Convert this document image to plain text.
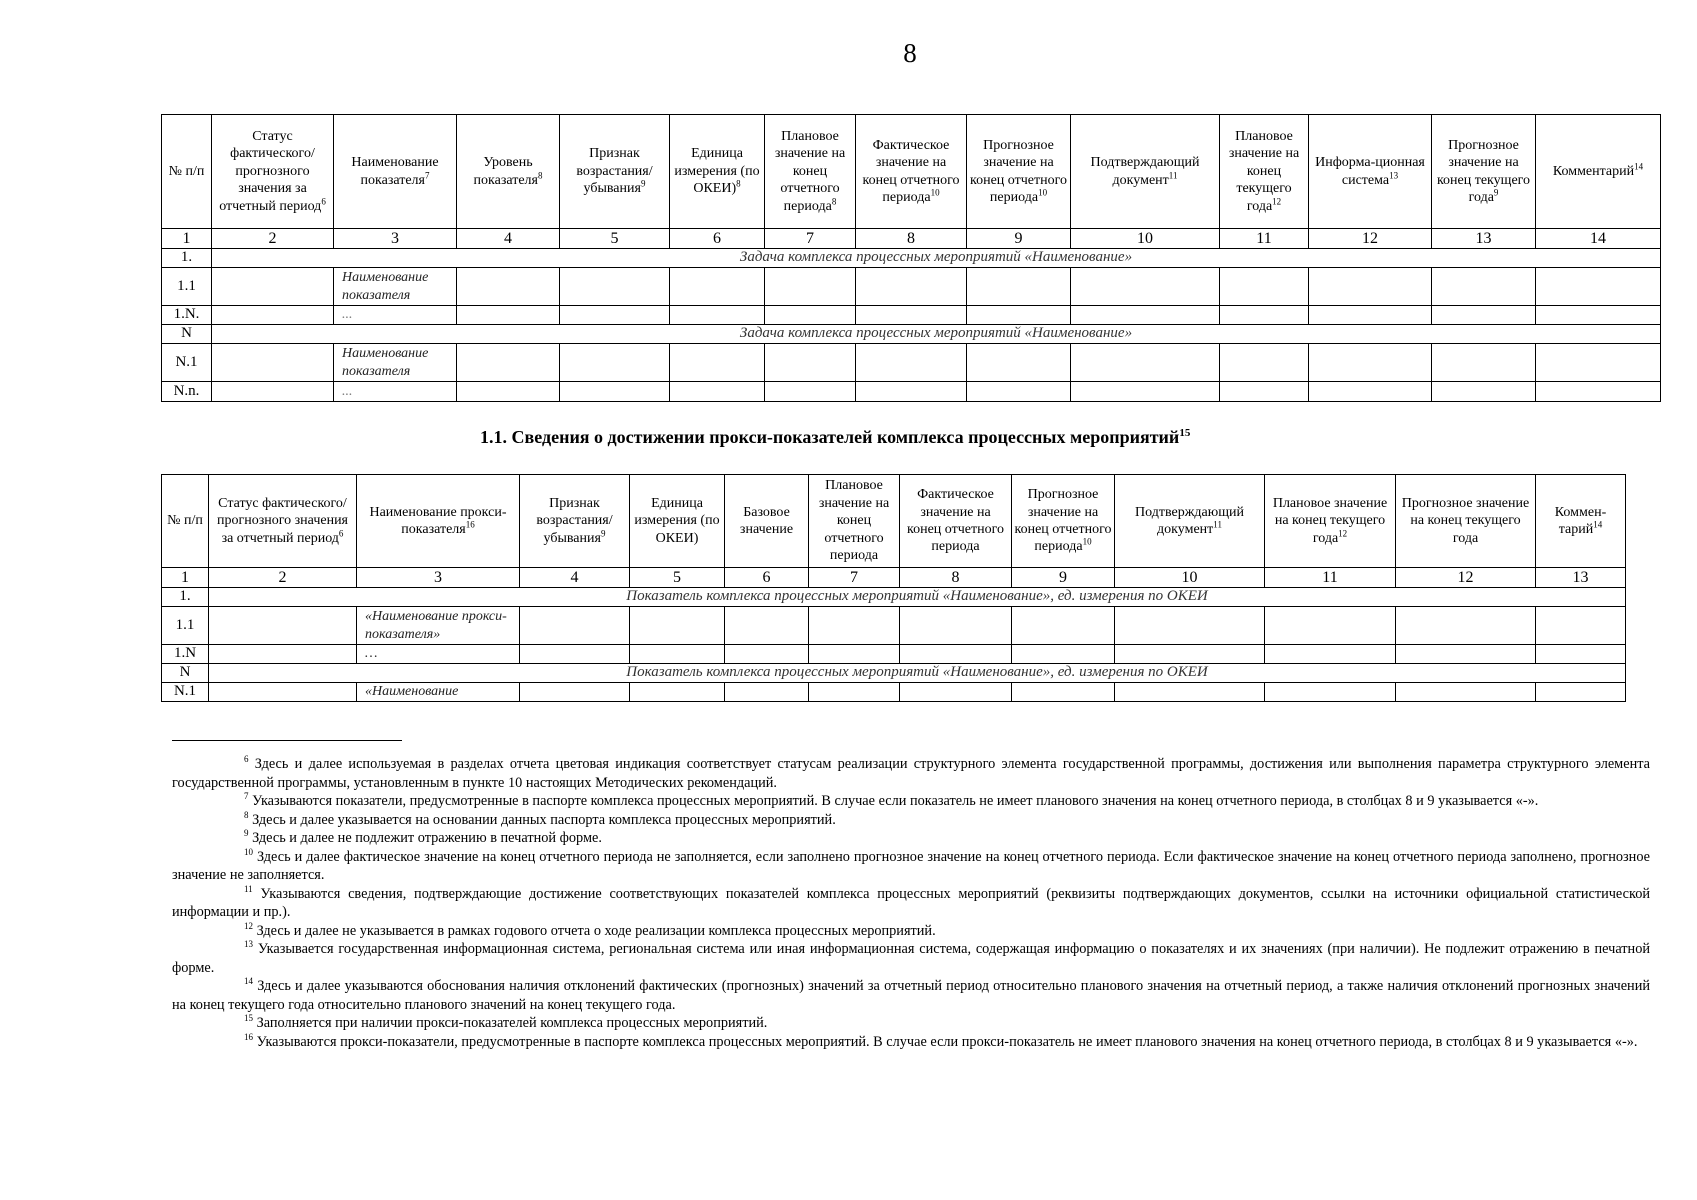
8
№ п/п	Статус фактического/ прогнозного значения за отчетный период$^6$	Наименование показателя$^7$	Уровень показателя$^8$	Признак возрастания/ убывания$^9$	Единица измерения (по ОКЕИ)$^8$	Плановое значение на конец отчетного периода$^8$	Фактическое значение на конец отчетного периода$^{10}$	Прогнозное значение на конец отчетного периода$^{10}$	Подтверждающий документ$^{11}$	Плановое значение на конец текущего года$^{12}$	Информа-ционная система$^{13}$	Прогнозное значение на конец текущего года$^9$	Комментарий$^{14}$
1	2	3	4	5	6	7	8	9	10	11	12	13	14
1.	Задача комплекса процессных мероприятий «Наименование»												
1.1		Наименование показателя											
1.N.		...											
N	Задача комплекса процессных мероприятий «Наименование»												
N.1		Наименование показателя											
N.n.		...											
1.1. Сведения о достижении прокси-показателей комплекса процессных мероприятий$^{15}$
№ п/п	Статус фактического/ прогнозного значения за отчетный период$^6$	Наименование прокси-показателя$^{16}$	Признак возрастания/ убывания$^9$	Единица измерения (по ОКЕИ)	Базовое значение	Плановое значение на конец отчетного периода	Фактическое значение на конец отчетного периода	Прогнозное значение на конец отчетного периода$^{10}$	Подтверждающий документ$^{11}$	Плановое значение на конец текущего года$^{12}$	Прогнозное значение на конец текущего года	Коммен-тарий$^{14}$
1	2	3	4	5	6	7	8	9	10	11	12	13
1.	Показатель комплекса процессных мероприятий «Наименование», ед. измерения по ОКЕИ											
1.1		«Наименование прокси-показателя»										
1.N		…										
N	Показатель комплекса процессных мероприятий «Наименование», ед. измерения по ОКЕИ											
N.1		«Наименование										

$^6$ Здесь и далее используемая в разделах отчета цветовая индикация соответствует статусам реализации структурного элемента государственной программы, достижения или выполнения параметра структурного элемента государственной программы, установленным в пункте 10 настоящих Методических рекомендаций.

$^7$ Указываются показатели, предусмотренные в паспорте комплекса процессных мероприятий. В случае если показатель не имеет планового значения на конец отчетного периода, в столбцах 8 и 9 указывается «-».

$^8$ Здесь и далее указывается на основании данных паспорта комплекса процессных мероприятий.

$^9$ Здесь и далее не подлежит отражению в печатной форме.

$^{10}$ Здесь и далее фактическое значение на конец отчетного периода не заполняется, если заполнено прогнозное значение на конец отчетного периода. Если фактическое значение на конец отчетного периода заполнено, прогнозное значение не заполняется.

$^{11}$ Указываются сведения, подтверждающие достижение соответствующих показателей комплекса процессных мероприятий (реквизиты подтверждающих документов, ссылки на источники официальной статистической информации и пр.).

$^{12}$ Здесь и далее не указывается в рамках годового отчета о ходе реализации комплекса процессных мероприятий.

$^{13}$ Указывается государственная информационная система, региональная система или иная информационная система, содержащая информацию о показателях и их значениях (при наличии). Не подлежит отражению в печатной форме.

$^{14}$ Здесь и далее указываются обоснования наличия отклонений фактических (прогнозных) значений за отчетный период относительно планового значения на отчетный период, а также наличия отклонений прогнозных значений на конец текущего года относительно планового значений на конец текущего года.

$^{15}$ Заполняется при наличии прокси-показателей комплекса процессных мероприятий.

$^{16}$ Указываются прокси-показатели, предусмотренные в паспорте комплекса процессных мероприятий. В случае если прокси-показатель не имеет планового значения на конец отчетного периода, в столбцах 8 и 9 указывается «-».
